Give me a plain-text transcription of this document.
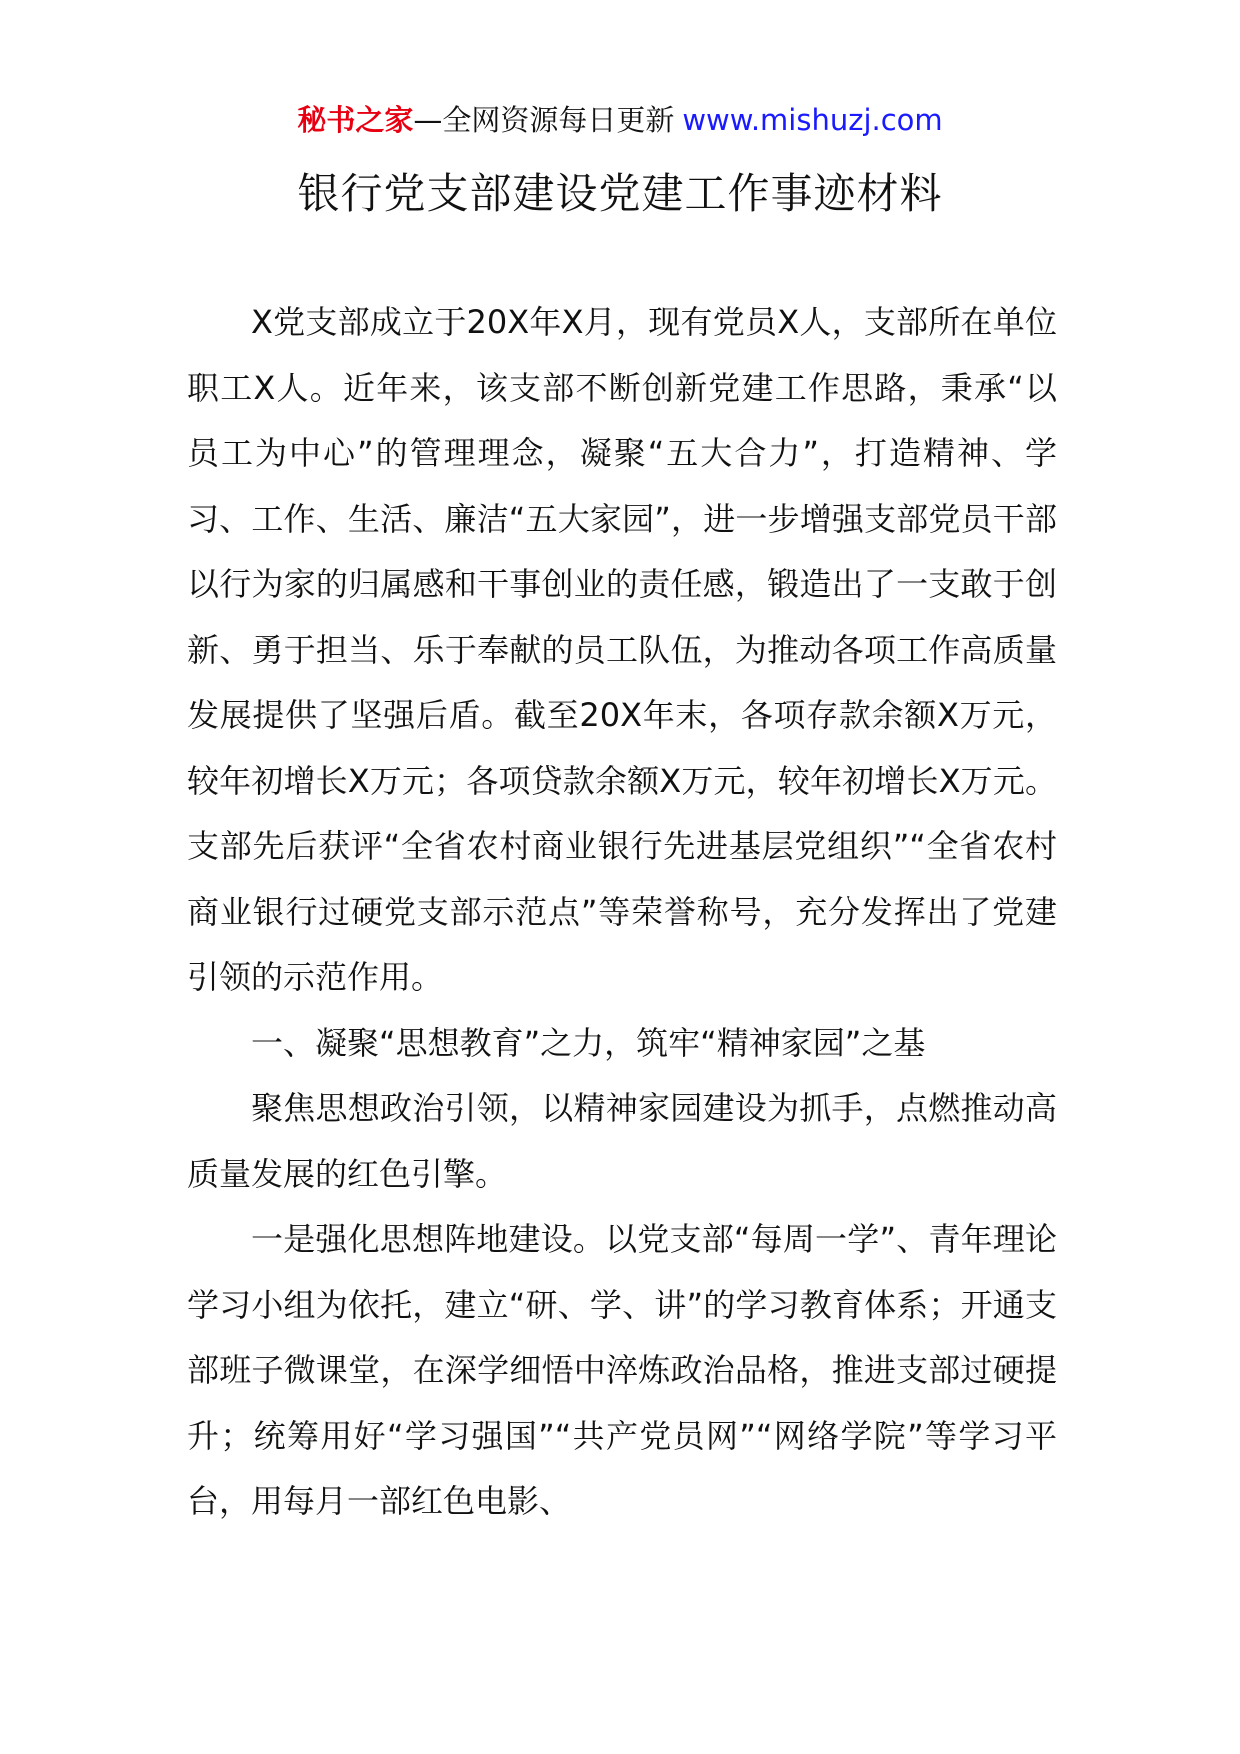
秘书之家—全网资源每日更新 www.mishuzj.com
银行党支部建设党建工作事迹材料

X党支部成立于20X年X月，现有党员X人，支部所在单位职工X人。近年来，该支部不断创新党建工作思路，秉承“以员工为中心”的管理理念，凝聚“五大合力”，打造精神、学习、工作、生活、廉洁“五大家园”，进一步增强支部党员干部以行为家的归属感和干事创业的责任感，锻造出了一支敢于创新、勇于担当、乐于奉献的员工队伍，为推动各项工作高质量发展提供了坚强后盾。截至20X年末，各项存款余额X万元，较年初增长X万元；各项贷款余额X万元，较年初增长X万元。支部先后获评“全省农村商业银行先进基层党组织”“全省农村商业银行过硬党支部示范点”等荣誉称号，充分发挥出了党建引领的示范作用。

一、凝聚“思想教育”之力，筑牢“精神家园”之基

聚焦思想政治引领，以精神家园建设为抓手，点燃推动高质量发展的红色引擎。

一是强化思想阵地建设。以党支部“每周一学”、青年理论学习小组为依托，建立“研、学、讲”的学习教育体系；开通支部班子微课堂，在深学细悟中淬炼政治品格，推进支部过硬提升；统筹用好“学习强国”“共产党员网”“网络学院”等学习平台，用每月一部红色电影、
